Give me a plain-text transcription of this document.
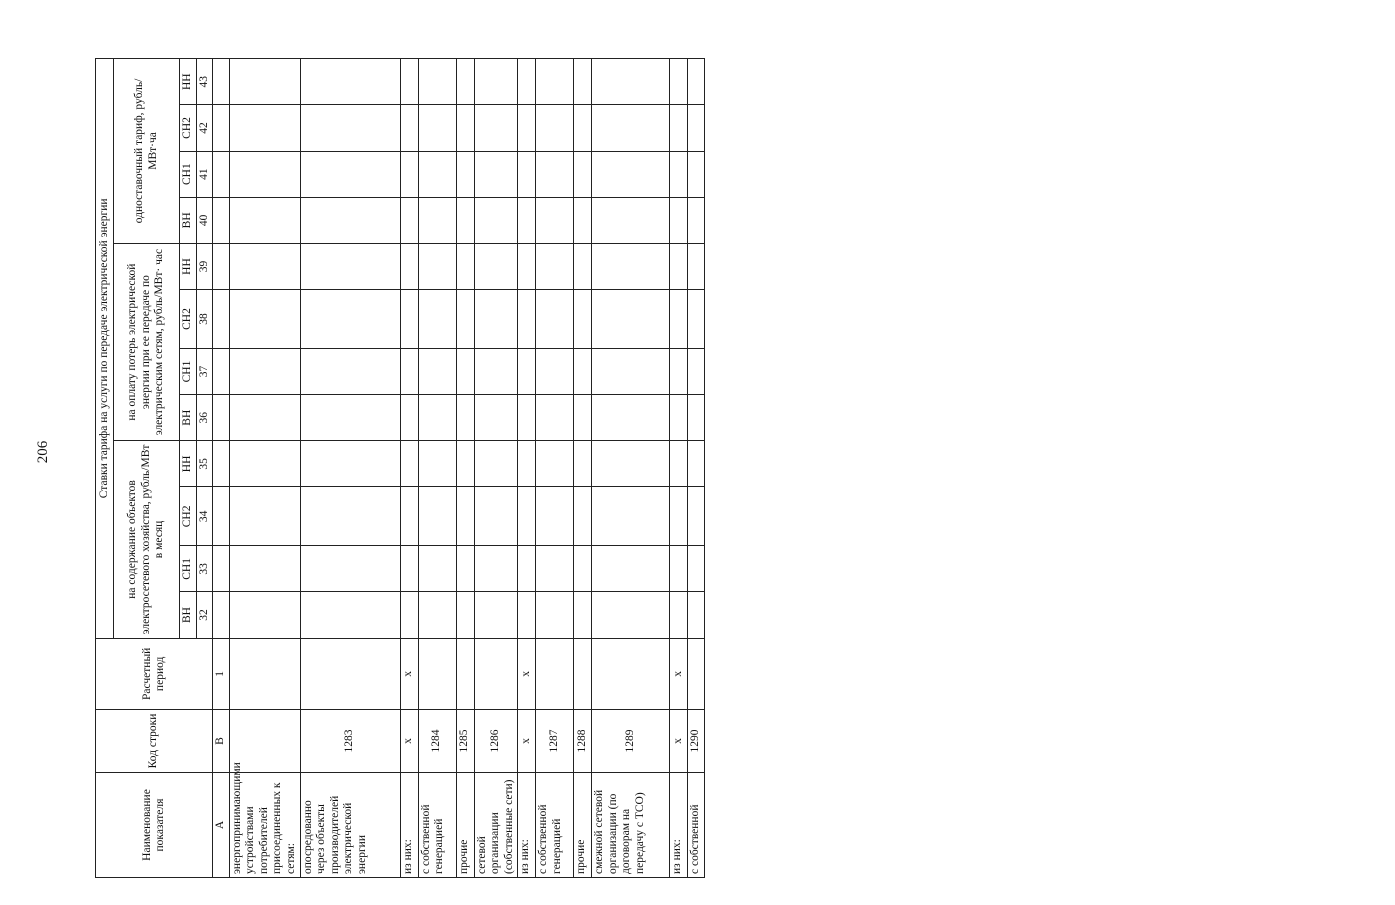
206
Наименование показателя	Код строки	Расчетный период	Ставки тарифа на услуги по передаче электрической энергии											
			на содержание объектов электросетевого хозяйства, рубль/МВт в месяц				на оплату потерь электрической энергии при ее передаче по электрическим сетям, рубль/МВт· час				одноставочный тариф, рубль/МВт·ча			
			ВН	СН1	СН2	НН	ВН	СН1	СН2	НН	ВН	СН1	СН2	НН
			32	33	34	35	36	37	38	39	40	41	42	43
А	В	1												
энергопринимающими устройствами потребителей присоединенных к сетям:														
опосредованно через объекты производителей электрической энергии	1283													
из них:	х	х												
с собственной генерацией	1284													
прочие	1285													
сетевой организации (собственные сети)	1286													
из них:	х	х												
с собственной генерацией	1287													
прочие	1288													
смежной сетевой организации (по договорам на передачу с ТСО)	1289													
из них:	х	х												
с собственной	1290													
